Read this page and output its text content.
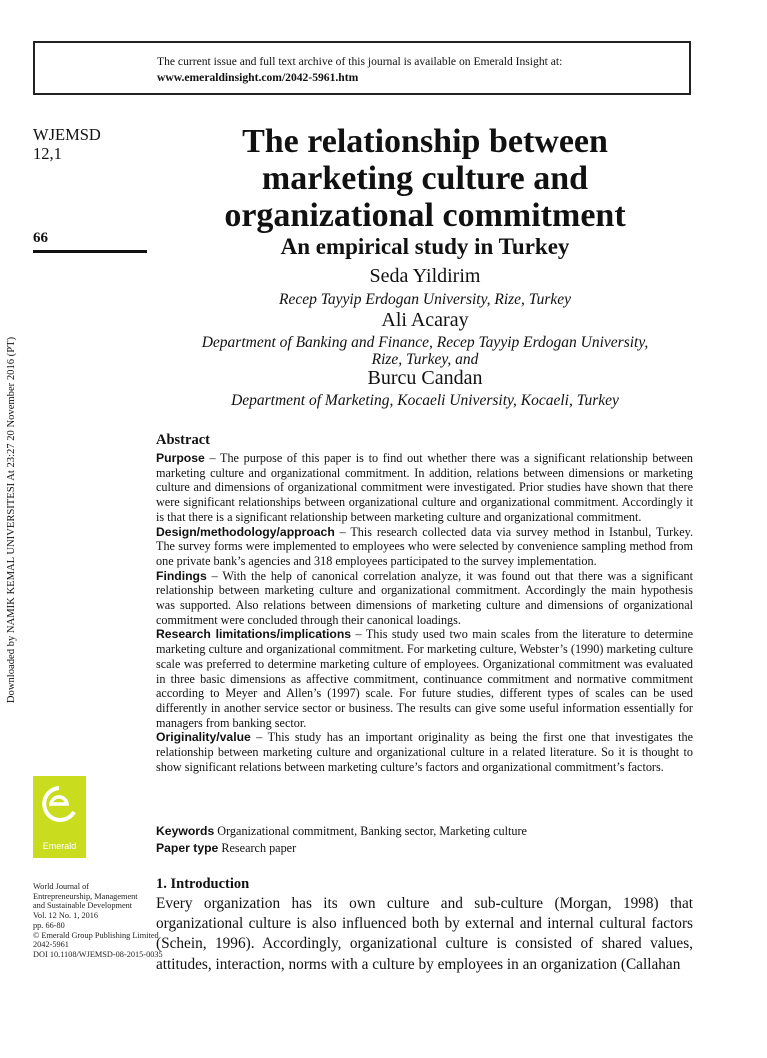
The current issue and full text archive of this journal is available on Emerald Insight at:
www.emeraldinsight.com/2042-5961.htm
Downloaded by NAMIK KEMAL UNIVERSITESI At 23:27 20 November 2016 (PT)
WJEMSD
12,1
66
The relationship between
marketing culture and
organizational commitment
An empirical study in Turkey
Seda Yildirim
Recep Tayyip Erdogan University, Rize, Turkey
Ali Acaray
Department of Banking and Finance, Recep Tayyip Erdogan University,
Rize, Turkey, and
Burcu Candan
Department of Marketing, Kocaeli University, Kocaeli, Turkey
Abstract

Purpose – The purpose of this paper is to find out whether there was a significant relationship between marketing culture and organizational commitment. In addition, relations between dimensions or marketing culture and dimensions of organizational commitment were investigated. Prior studies have shown that there were significant relationships between organizational culture and organizational commitment. Accordingly it is that there is a significant relationship between marketing culture and organizational commitment.

Design/methodology/approach – This research collected data via survey method in Istanbul, Turkey. The survey forms were implemented to employees who were selected by convenience sampling method from one private bank’s agencies and 318 employees participated to the survey implementation.

Findings – With the help of canonical correlation analyze, it was found out that there was a significant relationship between marketing culture and organizational commitment. Accordingly the main hypothesis was supported. Also relations between dimensions of marketing culture and dimensions of organizational commitment were concluded through their canonical loadings.

Research limitations/implications – This study used two main scales from the literature to determine marketing culture and organizational commitment. For marketing culture, Webster’s (1990) marketing culture scale was preferred to determine marketing culture of employees. Organizational commitment was evaluated in three basic dimensions as affective commitment, continuance commitment and normative commitment according to Meyer and Allen’s (1997) scale. For future studies, different types of scales can be used differently in another service sector or business. The results can give some useful information essentially for managers from banking sector.

Originality/value – This study has an important originality as being the first one that investigates the relationship between marketing culture and organizational culture in a related literature. So it is thought to show significant relations between marketing culture’s factors and organizational commitment’s factors.

Keywords Organizational commitment, Banking sector, Marketing culture
Paper type Research paper
Emerald
World Journal of
Entrepreneurship, Management
and Sustainable Development
Vol. 12 No. 1, 2016
pp. 66-80
© Emerald Group Publishing Limited
2042-5961
DOI 10.1108/WJEMSD-08-2015-0035
1. Introduction
Every organization has its own culture and sub-culture (Morgan, 1998) that organizational culture is also influenced both by external and internal cultural factors (Schein, 1996). Accordingly, organizational culture is consisted of shared values, attitudes, interaction, norms with a culture by employees in an organization (Callahan
